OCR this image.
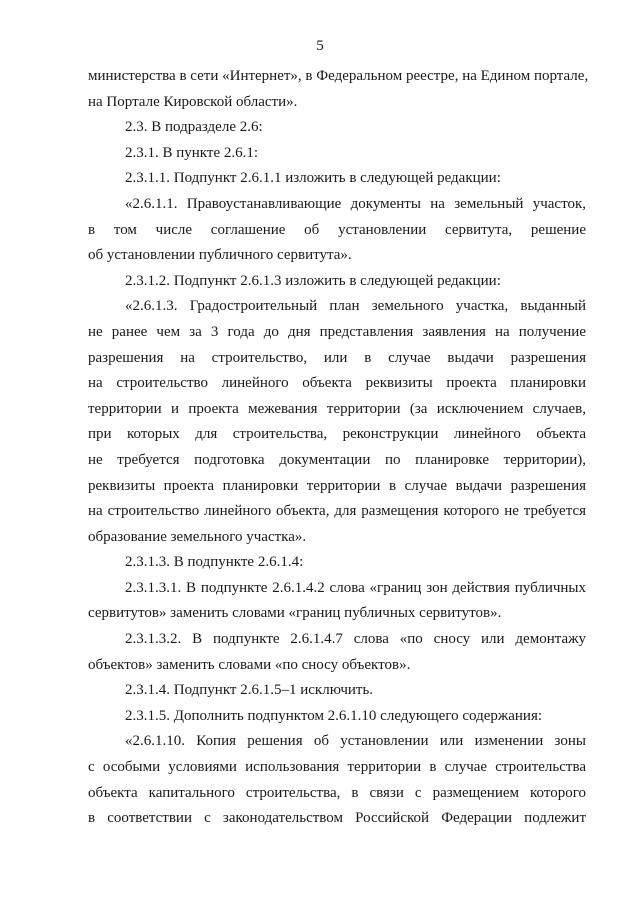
5
министерства в сети «Интернет», в Федеральном реестре, на Едином портале,
на Портале Кировской области».
2.3. В подразделе 2.6:
2.3.1. В пункте 2.6.1:
2.3.1.1. Подпункт 2.6.1.1 изложить в следующей редакции:
«2.6.1.1. Правоустанавливающие документы на земельный участок,
в том числе соглашение об установлении сервитута, решение
об установлении публичного сервитута».
2.3.1.2. Подпункт 2.6.1.3 изложить в следующей редакции:
«2.6.1.3. Градостроительный план земельного участка, выданный
не ранее чем за 3 года до дня представления заявления на получение
разрешения на строительство, или в случае выдачи разрешения
на строительство линейного объекта реквизиты проекта планировки
территории и проекта межевания территории (за исключением случаев,
при которых для строительства, реконструкции линейного объекта
не требуется подготовка документации по планировке территории),
реквизиты проекта планировки территории в случае выдачи разрешения
на строительство линейного объекта, для размещения которого не требуется
образование земельного участка».
2.3.1.3. В подпункте 2.6.1.4:
2.3.1.3.1. В подпункте 2.6.1.4.2 слова «границ зон действия публичных
сервитутов» заменить словами «границ публичных сервитутов».
2.3.1.3.2. В подпункте 2.6.1.4.7 слова «по сносу или демонтажу
объектов» заменить словами «по сносу объектов».
2.3.1.4. Подпункт 2.6.1.5–1 исключить.
2.3.1.5. Дополнить подпунктом 2.6.1.10 следующего содержания:
«2.6.1.10. Копия решения об установлении или изменении зоны
с особыми условиями использования территории в случае строительства
объекта капитального строительства, в связи с размещением которого
в соответствии с законодательством Российской Федерации подлежит
